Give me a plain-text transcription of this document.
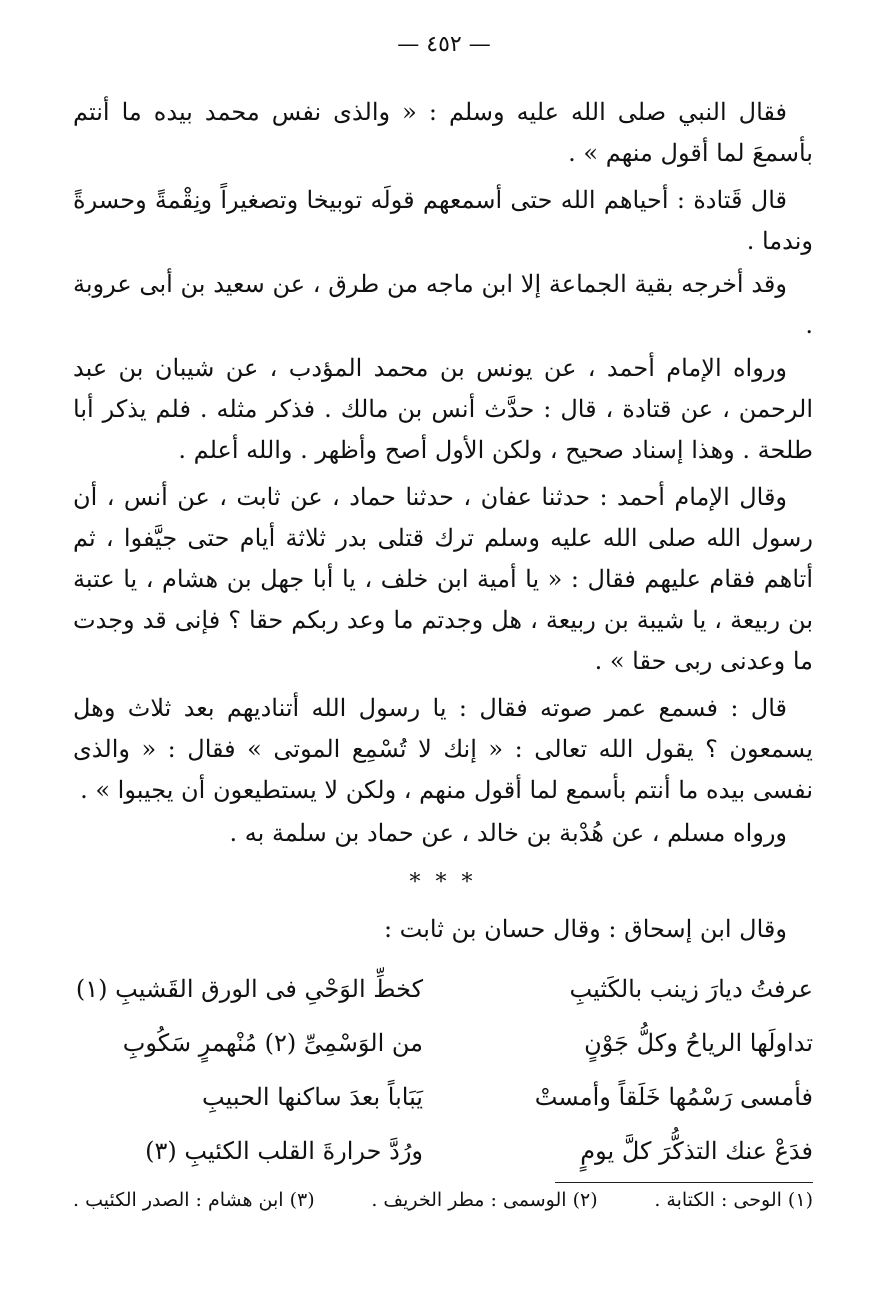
— ٤٥٢ —

فقال النبي صلى الله عليه وسلم : « والذى نفس محمد بيده ما أنتم بأسمعَ لما أقول منهم » .

قال قَتادة : أحياهم الله حتى أسمعهم قولَه توبيخا وتصغيراً ونِقْمةً وحسرةً وندما .

وقد أخرجه بقية الجماعة إلا ابن ماجه من طرق ، عن سعيد بن أبى عروبة .

ورواه الإمام أحمد ، عن يونس بن محمد المؤدب ، عن شيبان بن عبد الرحمن ، عن قتادة ، قال : حدَّث أنس بن مالك . فذكر مثله . فلم يذكر أبا طلحة . وهذا إسناد صحيح ، ولكن الأول أصح وأظهر . والله أعلم .

وقال الإمام أحمد : حدثنا عفان ، حدثنا حماد ، عن ثابت ، عن أنس ، أن رسول الله صلى الله عليه وسلم ترك قتلى بدر ثلاثة أيام حتى جيَّفوا ، ثم أتاهم فقام عليهم فقال : « يا أمية ابن خلف ، يا أبا جهل بن هشام ، يا عتبة بن ربيعة ، يا شيبة بن ربيعة ، هل وجدتم ما وعد ربكم حقا ؟ فإنى قد وجدت ما وعدنى ربى حقا » .

قال : فسمع عمر صوته فقال : يا رسول الله أتناديهم بعد ثلاث وهل يسمعون ؟ يقول الله تعالى : « إنك لا تُسْمِع الموتى » فقال : « والذى نفسى بيده ما أنتم بأسمع لما أقول منهم ، ولكن لا يستطيعون أن يجيبوا » .

ورواه مسلم ، عن هُدْبة بن خالد ، عن حماد بن سلمة به .

* * *

وقال ابن إسحاق : وقال حسان بن ثابت :

عرفتُ ديارَ زينب بالكَثيبِ
كخطِّ الوَحْىِ فى الورق القَشيبِ (١)
تداولَها الرياحُ وكلُّ جَوْنٍ
من الوَسْمِىِّ (٢) مُنْهمرٍ سَكُوبِ
فأمسى رَسْمُها خَلَقاً وأمستْ
يَبَاباً بعدَ ساكنها الحبيبِ
فدَعْ عنك التذكُّرَ كلَّ يومٍ
ورُدَّ حرارةَ القلب الكئيبِ (٣)
(١) الوحى : الكتابة .
(٢) الوسمى : مطر الخريف .
(٣) ابن هشام : الصدر الكئيب .
